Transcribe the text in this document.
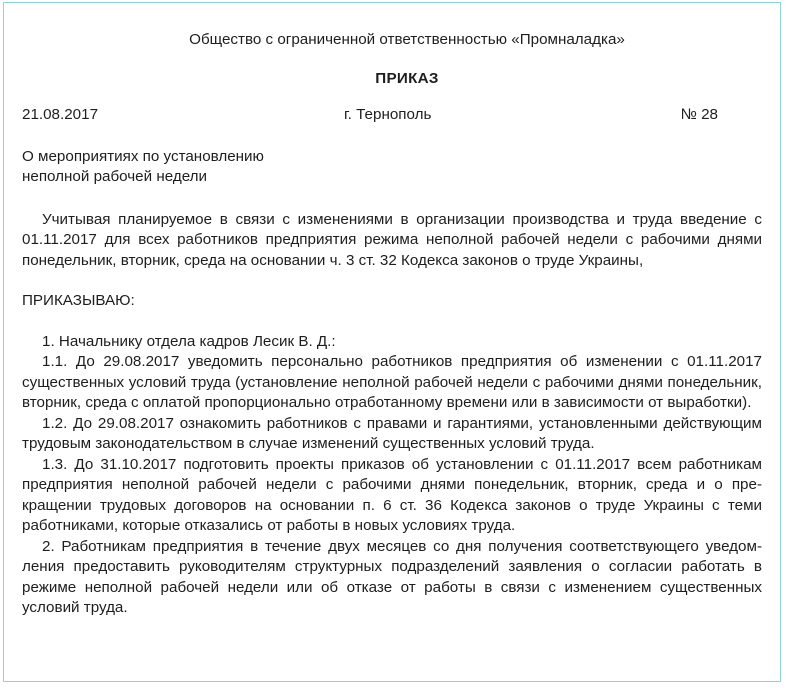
Общество с ограниченной ответственностью «Промналадка»

ПРИКАЗ

21.08.2017	г. Тернополь	№ 28
О мероприятиях по установлению
неполной рабочей недели

Учитывая планируемое в связи с изменениями в организации производства и труда введение с 01.11.2017 для всех работников предприятия режима неполной рабочей недели с рабочими днями понедельник, вторник, среда на основании ч. 3 ст. 32 Кодекса законов о труде Украины,

ПРИКАЗЫВАЮ:

1. Начальнику отдела кадров Лесик В. Д.:

1.1. До 29.08.2017 уведомить персонально работников предприятия об изменении с 01.11.2017 существенных условий труда (установление неполной рабочей недели с рабочими днями понедельник, вторник, среда с оплатой пропорционально отработанному времени или в зависимости от выработки).

1.2. До 29.08.2017 ознакомить работников с правами и гарантиями, установленными действующим трудовым законодательством в случае изменений существенных условий труда.

1.3. До 31.10.2017 подготовить проекты приказов об установлении с 01.11.2017 всем работникам предприятия неполной рабочей недели с рабочими днями понедельник, вторник, среда и о прекращении трудовых договоров на основании п. 6 ст. 36 Кодекса законов о труде Украины с теми работниками, которые отказались от работы в новых условиях труда.

2. Работникам предприятия в течение двух месяцев со дня получения соответствующего уведомления предоставить руководителям структурных подразделений заявления о согласии работать в режиме неполной рабочей недели или об отказе от работы в связи с изменением существенных условий труда.
